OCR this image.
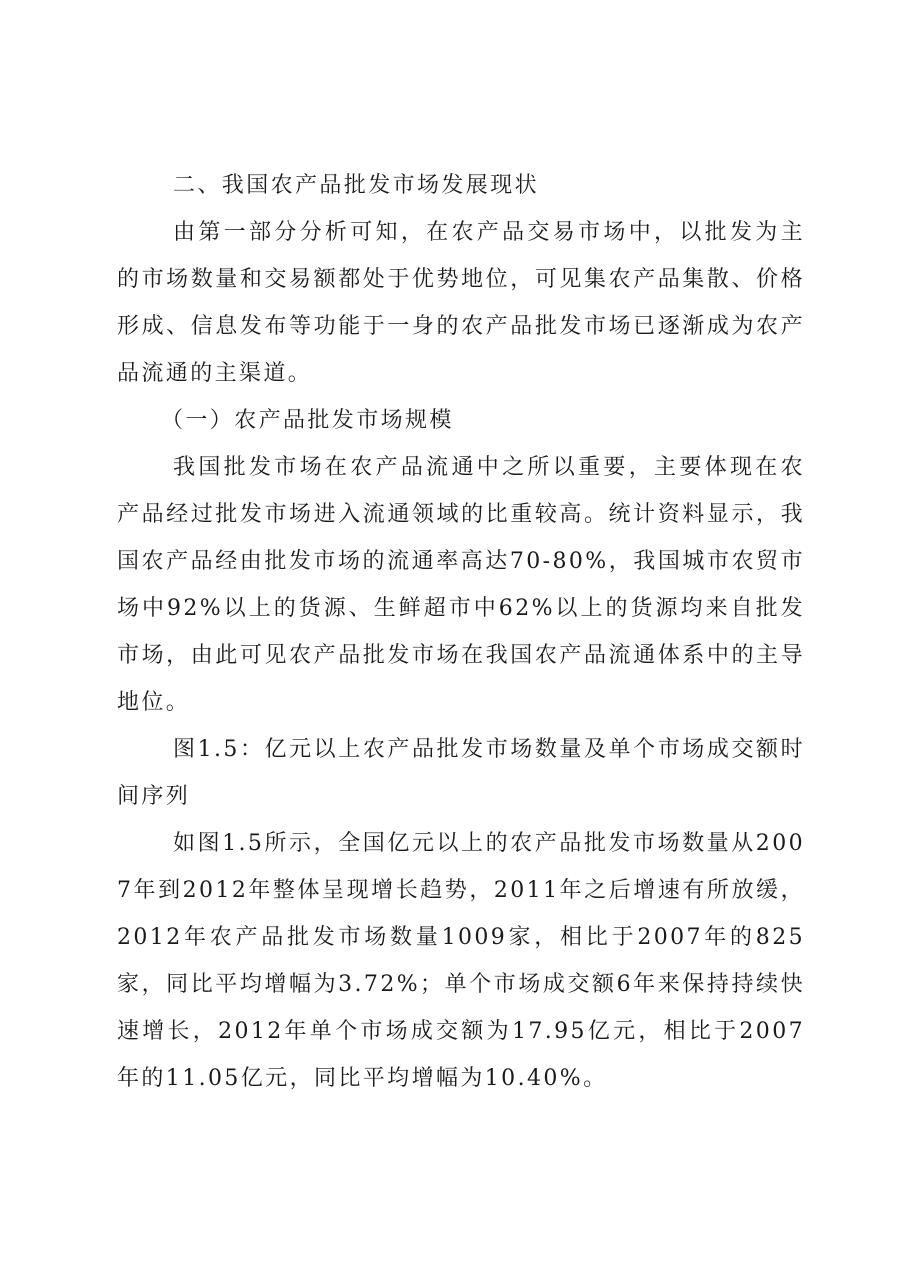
二、我国农产品批发市场发展现状

由第一部分分析可知，在农产品交易市场中，以批发为主的市场数量和交易额都处于优势地位，可见集农产品集散、价格形成、信息发布等功能于一身的农产品批发市场已逐渐成为农产品流通的主渠道。

（一）农产品批发市场规模

我国批发市场在农产品流通中之所以重要，主要体现在农产品经过批发市场进入流通领域的比重较高。统计资料显示，我国农产品经由批发市场的流通率高达70-80%，我国城市农贸市场中92%以上的货源、生鲜超市中62%以上的货源均来自批发市场，由此可见农产品批发市场在我国农产品流通体系中的主导地位。

图1.5：亿元以上农产品批发市场数量及单个市场成交额时间序列

如图1.5所示，全国亿元以上的农产品批发市场数量从2007年到2012年整体呈现增长趋势，2011年之后增速有所放缓，2012年农产品批发市场数量1009家，相比于2007年的825家，同比平均增幅为3.72%；单个市场成交额6年来保持持续快速增长，2012年单个市场成交额为17.95亿元，相比于2007年的11.05亿元，同比平均增幅为10.40%。
